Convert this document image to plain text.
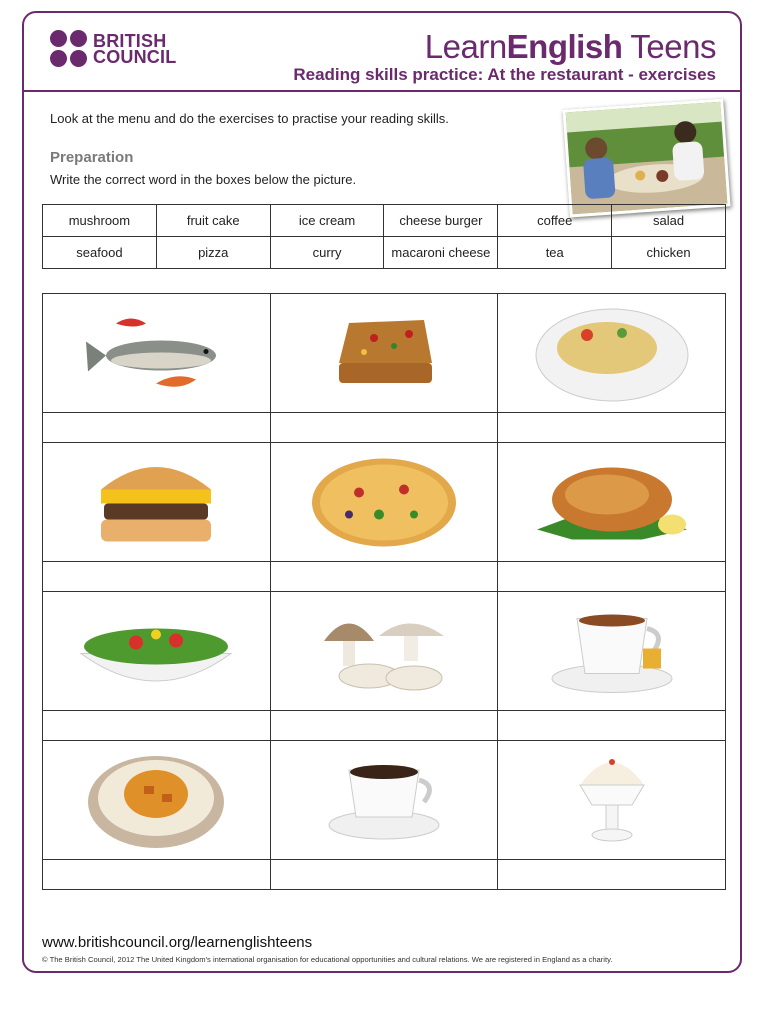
BRITISH
COUNCIL	LearnEnglish Teens
Reading skills practice: At the restaurant - exercises
Look at the menu and do the exercises to practise your reading skills.
Preparation
Write the correct word in the boxes below the picture.
mushroom	fruit cake	ice cream	cheese burger	coffee	salad
seafood	pizza	curry	macaroni cheese	tea	chicken
www.britishcouncil.org/learnenglishteens
© The British Council, 2012 The United Kingdom's international organisation for educational opportunities and cultural relations. We are registered in England as a charity.
